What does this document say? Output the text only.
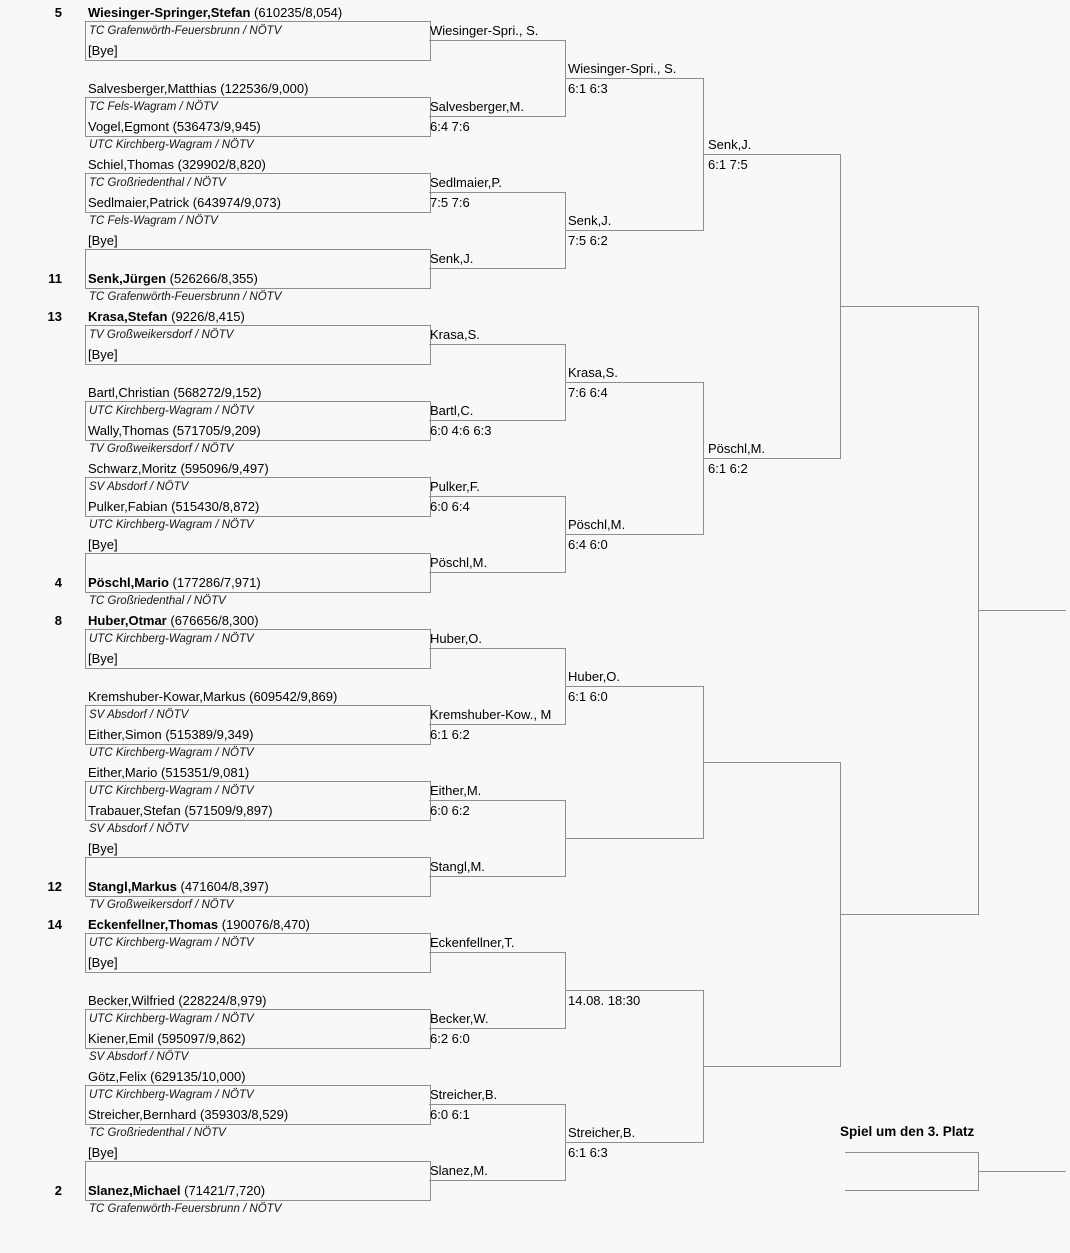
5 Wiesinger-Springer,Stefan (610235/8,054)
TC Grafenwörth-Feuersbrunn / NÖTV
[Bye]
Wiesinger-Spri., S.
Salvesberger,Matthias (122536/9,000)
TC Fels-Wagram / NÖTV
Vogel,Egmont (536473/9,945)
UTC Kirchberg-Wagram / NÖTV
Salvesberger,M.
6:4 7:6
Schiel,Thomas (329902/8,820)
TC Großriedenthal / NÖTV
Sedlmaier,Patrick (643974/9,073)
TC Fels-Wagram / NÖTV
Sedlmaier,P.
7:5 7:6
[Bye]
11 Senk,Jürgen (526266/8,355)
TC Grafenwörth-Feuersbrunn / NÖTV
Senk,J.
13 Krasa,Stefan (9226/8,415)
TV Großweikersdorf / NÖTV
[Bye]
Krasa,S.
Bartl,Christian (568272/9,152)
UTC Kirchberg-Wagram / NÖTV
Wally,Thomas (571705/9,209)
TV Großweikersdorf / NÖTV
Bartl,C.
6:0 4:6 6:3
Schwarz,Moritz (595096/9,497)
SV Absdorf / NÖTV
Pulker,Fabian (515430/8,872)
UTC Kirchberg-Wagram / NÖTV
Pulker,F.
6:0 6:4
[Bye]
4 Pöschl,Mario (177286/7,971)
TC Großriedenthal / NÖTV
Pöschl,M.
8 Huber,Otmar (676656/8,300)
UTC Kirchberg-Wagram / NÖTV
[Bye]
Huber,O.
Kremshuber-Kowar,Markus (609542/9,869)
SV Absdorf / NÖTV
Either,Simon (515389/9,349)
UTC Kirchberg-Wagram / NÖTV
Kremshuber-Kow., M
6:1 6:2
Either,Mario (515351/9,081)
UTC Kirchberg-Wagram / NÖTV
Trabauer,Stefan (571509/9,897)
SV Absdorf / NÖTV
Either,M.
6:0 6:2
[Bye]
12 Stangl,Markus (471604/8,397)
TV Großweikersdorf / NÖTV
Stangl,M.
14 Eckenfellner,Thomas (190076/8,470)
UTC Kirchberg-Wagram / NÖTV
[Bye]
Eckenfellner,T.
Becker,Wilfried (228224/8,979)
UTC Kirchberg-Wagram / NÖTV
Kiener,Emil (595097/9,862)
SV Absdorf / NÖTV
Becker,W.
6:2 6:0
Götz,Felix (629135/10,000)
UTC Kirchberg-Wagram / NÖTV
Streicher,Bernhard (359303/8,529)
TC Großriedenthal / NÖTV
Streicher,B.
6:0 6:1
[Bye]
2 Slanez,Michael (71421/7,720)
TC Grafenwörth-Feuersbrunn / NÖTV
Slanez,M.
Wiesinger-Spri., S.
6:1 6:3
Senk,J.
7:5 6:2
Krasa,S.
7:6 6:4
Pöschl,M.
6:4 6:0
Huber,O.
6:1 6:0
14.08. 18:30
Streicher,B.
6:1 6:3
Senk,J.
6:1 7:5
Pöschl,M.
6:1 6:2
Spiel um den 3. Platz
